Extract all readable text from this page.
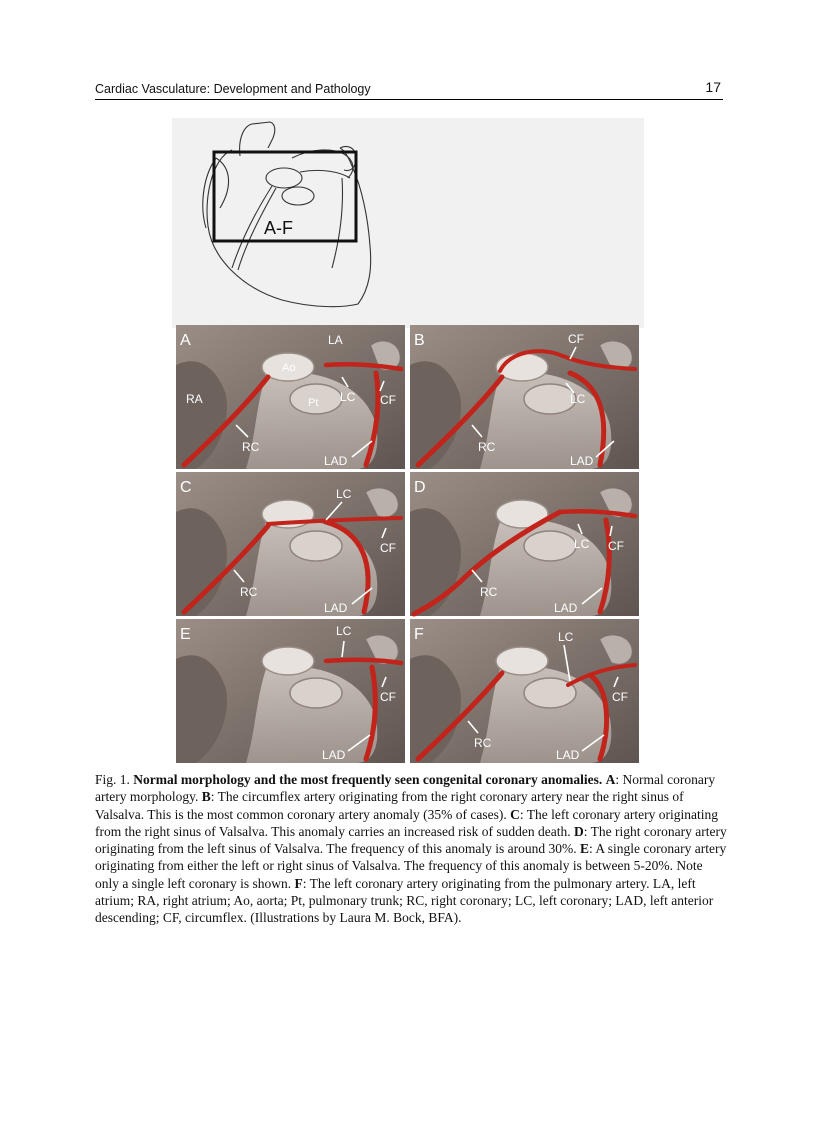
Cardiac Vasculature: Development and Pathology	17
A-F
A	LA
Ao
RA	Pt LC CF
RC
LAD
B	CF
LC
RC
LAD
C	LC
CF
RC
LAD
D
LC CF
RC
LAD
E	LC
CF
LAD
F	LC
CF
RC
LAD
Fig. 1. Normal morphology and the most frequently seen congenital coronary anomalies. A: Normal coronary artery morphology. B: The circumflex artery originating from the right coronary artery near the right sinus of Valsalva. This is the most common coronary artery anomaly (35% of cases). C: The left coronary artery originating from the right sinus of Valsalva. This anomaly carries an increased risk of sudden death. D: The right coronary artery originating from the left sinus of Valsalva. The frequency of this anomaly is around 30%. E: A single coronary artery originating from either the left or right sinus of Valsalva. The frequency of this anomaly is between 5-20%. Note only a single left coronary is shown. F: The left coronary artery originating from the pulmonary artery. LA, left atrium; RA, right atrium; Ao, aorta; Pt, pulmonary trunk; RC, right coronary; LC, left coronary; LAD, left anterior descending; CF, circumflex. (Illustrations by Laura M. Bock, BFA).
